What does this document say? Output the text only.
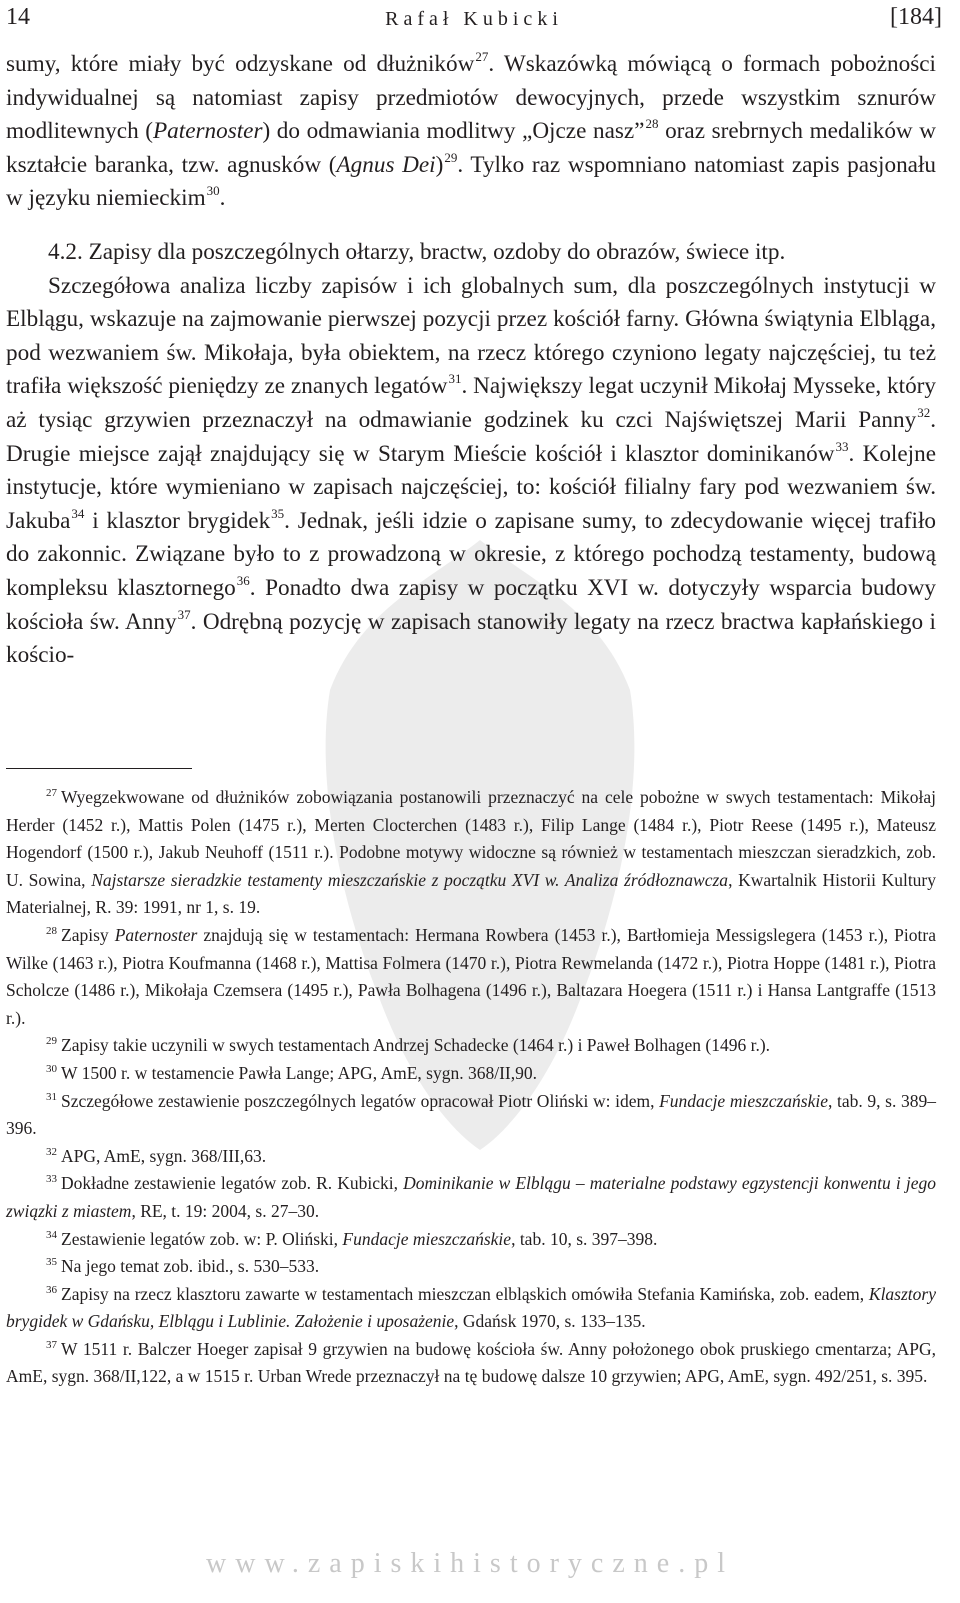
14	Rafał Kubicki	[184]

sumy, które miały być odzyskane od dłużników$^{27}$. Wskazówką mówiącą o formach pobożności indywidualnej są natomiast zapisy przedmiotów dewocyjnych, przede wszystkim sznurów modlitewnych (Paternoster) do odmawiania modlitwy „Ojcze nasz”$^{28}$ oraz srebrnych medalików w kształcie baranka, tzw. agnusków (Agnus Dei)$^{29}$. Tylko raz wspomniano natomiast zapis pasjonału w języku niemieckim$^{30}$.

4.2. Zapisy dla poszczególnych ołtarzy, bractw, ozdoby do obrazów, świece itp.

Szczegółowa analiza liczby zapisów i ich globalnych sum, dla poszczególnych instytucji w Elblągu, wskazuje na zajmowanie pierwszej pozycji przez kościół farny. Główna świątynia Elbląga, pod wezwaniem św. Mikołaja, była obiektem, na rzecz którego czyniono legaty najczęściej, tu też trafiła większość pieniędzy ze znanych legatów$^{31}$. Największy legat uczynił Mikołaj Mysseke, który aż tysiąc grzywien przeznaczył na odmawianie godzinek ku czci Najświętszej Marii Panny$^{32}$. Drugie miejsce zajął znajdujący się w Starym Mieście kościół i klasztor dominikanów$^{33}$. Kolejne instytucje, które wymieniano w zapisach najczęściej, to: kościół filialny fary pod wezwaniem św. Jakuba$^{34}$ i klasztor brygidek$^{35}$. Jednak, jeśli idzie o zapisane sumy, to zdecydowanie więcej trafiło do zakonnic. Związane było to z prowadzoną w okresie, z którego pochodzą testamenty, budową kompleksu klasztornego$^{36}$. Ponadto dwa zapisy w początku XVI w. dotyczyły wsparcia budowy kościoła św. Anny$^{37}$. Odrębną pozycję w zapisach stanowiły legaty na rzecz bractwa kapłańskiego i kościo-

$^{27}$ Wyegzekwowane od dłużników zobowiązania postanowili przeznaczyć na cele pobożne w swych testamentach: Mikołaj Herder (1452 r.), Mattis Polen (1475 r.), Merten Clocterchen (1483 r.), Filip Lange (1484 r.), Piotr Reese (1495 r.), Mateusz Hogendorf (1500 r.), Jakub Neuhoff (1511 r.). Podobne motywy widoczne są również w testamentach mieszczan sieradzkich, zob. U. Sowina, Najstarsze sieradzkie testamenty mieszczańskie z początku XVI w. Analiza źródłoznawcza, Kwartalnik Historii Kultury Materialnej, R. 39: 1991, nr 1, s. 19.

$^{28}$ Zapisy Paternoster znajdują się w testamentach: Hermana Rowbera (1453 r.), Bartłomieja Messigslegera (1453 r.), Piotra Wilke (1463 r.), Piotra Koufmanna (1468 r.), Mattisa Folmera (1470 r.), Piotra Rewmelanda (1472 r.), Piotra Hoppe (1481 r.), Piotra Scholcze (1486 r.), Mikołaja Czemsera (1495 r.), Pawła Bolhagena (1496 r.), Baltazara Hoegera (1511 r.) i Hansa Lantgraffe (1513 r.).

$^{29}$ Zapisy takie uczynili w swych testamentach Andrzej Schadecke (1464 r.) i Paweł Bolhagen (1496 r.).

$^{30}$ W 1500 r. w testamencie Pawła Lange; APG, AmE, sygn. 368/II,90.

$^{31}$ Szczegółowe zestawienie poszczególnych legatów opracował Piotr Oliński w: idem, Fundacje mieszczańskie, tab. 9, s. 389–396.

$^{32}$ APG, AmE, sygn. 368/III,63.

$^{33}$ Dokładne zestawienie legatów zob. R. Kubicki, Dominikanie w Elblągu – materialne podstawy egzystencji konwentu i jego związki z miastem, RE, t. 19: 2004, s. 27–30.

$^{34}$ Zestawienie legatów zob. w: P. Oliński, Fundacje mieszczańskie, tab. 10, s. 397–398.

$^{35}$ Na jego temat zob. ibid., s. 530–533.

$^{36}$ Zapisy na rzecz klasztoru zawarte w testamentach mieszczan elbląskich omówiła Stefania Kamińska, zob. eadem, Klasztory brygidek w Gdańsku, Elblągu i Lublinie. Założenie i uposażenie, Gdańsk 1970, s. 133–135.

$^{37}$ W 1511 r. Balczer Hoeger zapisał 9 grzywien na budowę kościoła św. Anny położonego obok pruskiego cmentarza; APG, AmE, sygn. 368/II,122, a w 1515 r. Urban Wrede przeznaczył na tę budowę dalsze 10 grzywien; APG, AmE, sygn. 492/251, s. 395.

www.zapiskihistoryczne.pl
